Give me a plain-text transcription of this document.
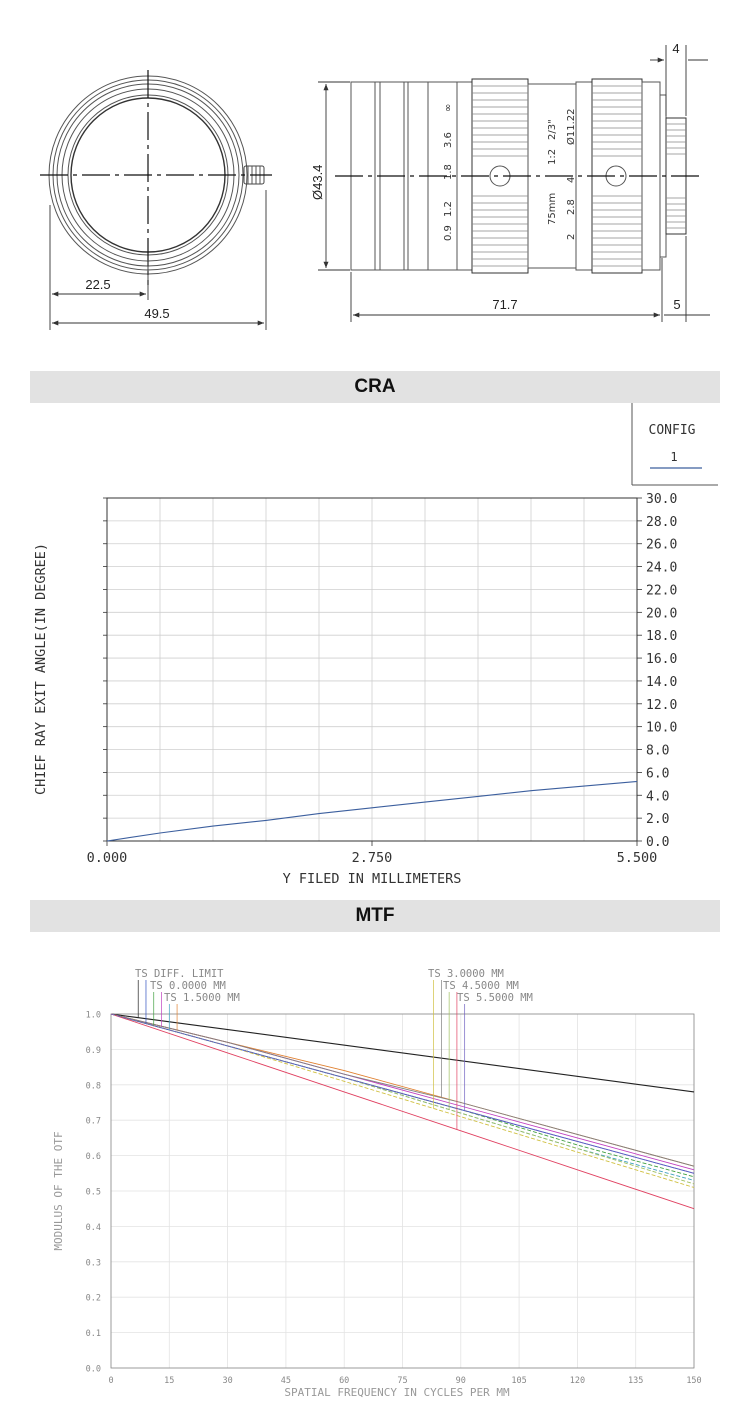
22.5
49.5
0.9
1.2
1.8
3.6
∞
75mm
1:2
2/3" Ø11.22
2
2.8
4
Ø43.4
71.7	5
4
CRA
CONFIG
1
0.0
2.0
4.0
6.0
8.0
10.0
12.0
14.0
16.0
18.0
20.0
22.0
24.0
26.0
28.0
30.0
0.000	2.750	5.500
CHIEF RAY EXIT ANGLE(IN DEGREE)
Y FILED IN MILLIMETERS
MTF
0.0
0.1
0.2
0.3
0.4
0.5
0.6
0.7
0.8
0.9
1.0
0	15	30	45	60	75	90	105	120	135	150
TS DIFF. LIMIT
TS 0.0000 MM
TS 1.5000 MM
TS 3.0000 MM
TS 4.5000 MM
TS 5.5000 MM
MODULUS OF THE OTF
SPATIAL FREQUENCY IN CYCLES PER MM
